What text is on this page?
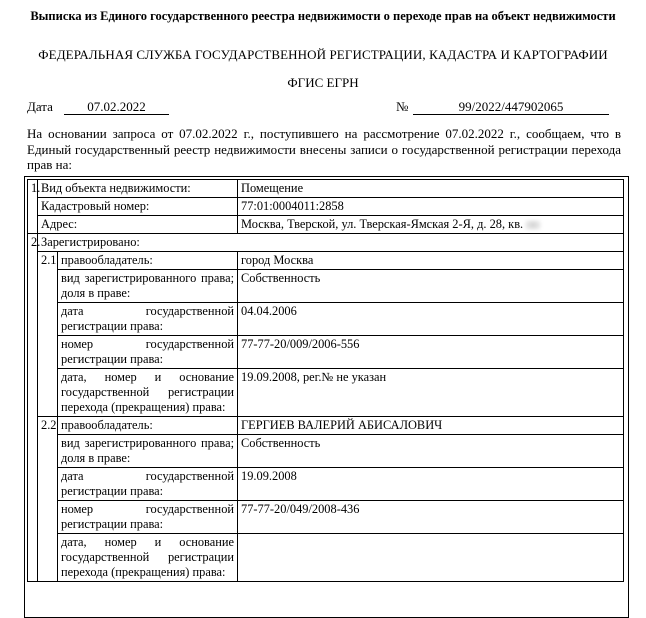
Выписка из Единого государственного реестра недвижимости о переходе прав на объект недвижимости
ФЕДЕРАЛЬНАЯ СЛУЖБА ГОСУДАРСТВЕННОЙ РЕГИСТРАЦИИ, КАДАСТРА И КАРТОГРАФИИ
ФГИС ЕГРН
Дата	07.02.2022	№	99/2022/447902065
На основании запроса от 07.02.2022 г., поступившего на рассмотрение 07.02.2022 г., сообщаем, что в Единый государственный реестр недвижимости внесены записи о государственной регистрации перехода прав на:
1.	Вид объекта недвижимости:		Помещение
	Кадастровый номер:		77:01:0004011:2858
	Адрес:		Москва, Тверской, ул. Тверская-Ямская 2-Я, д. 28, кв.
2.	Зарегистрировано:		
	2.1	правообладатель:	город Москва
		вид зарегистрированного права; доля в праве:	Собственность
		дата государственной регистрации права:	04.04.2006
		номер государственной регистрации права:	77-77-20/009/2006-556
		дата, номер и основание государственной регистрации перехода (прекращения) права:	19.09.2008, рег.№ не указан
	2.2	правообладатель:	ГЕРГИЕВ ВАЛЕРИЙ АБИСАЛОВИЧ
		вид зарегистрированного права; доля в праве:	Собственность
		дата государственной регистрации права:	19.09.2008
		номер государственной регистрации права:	77-77-20/049/2008-436
		дата, номер и основание государственной регистрации перехода (прекращения) права:	
